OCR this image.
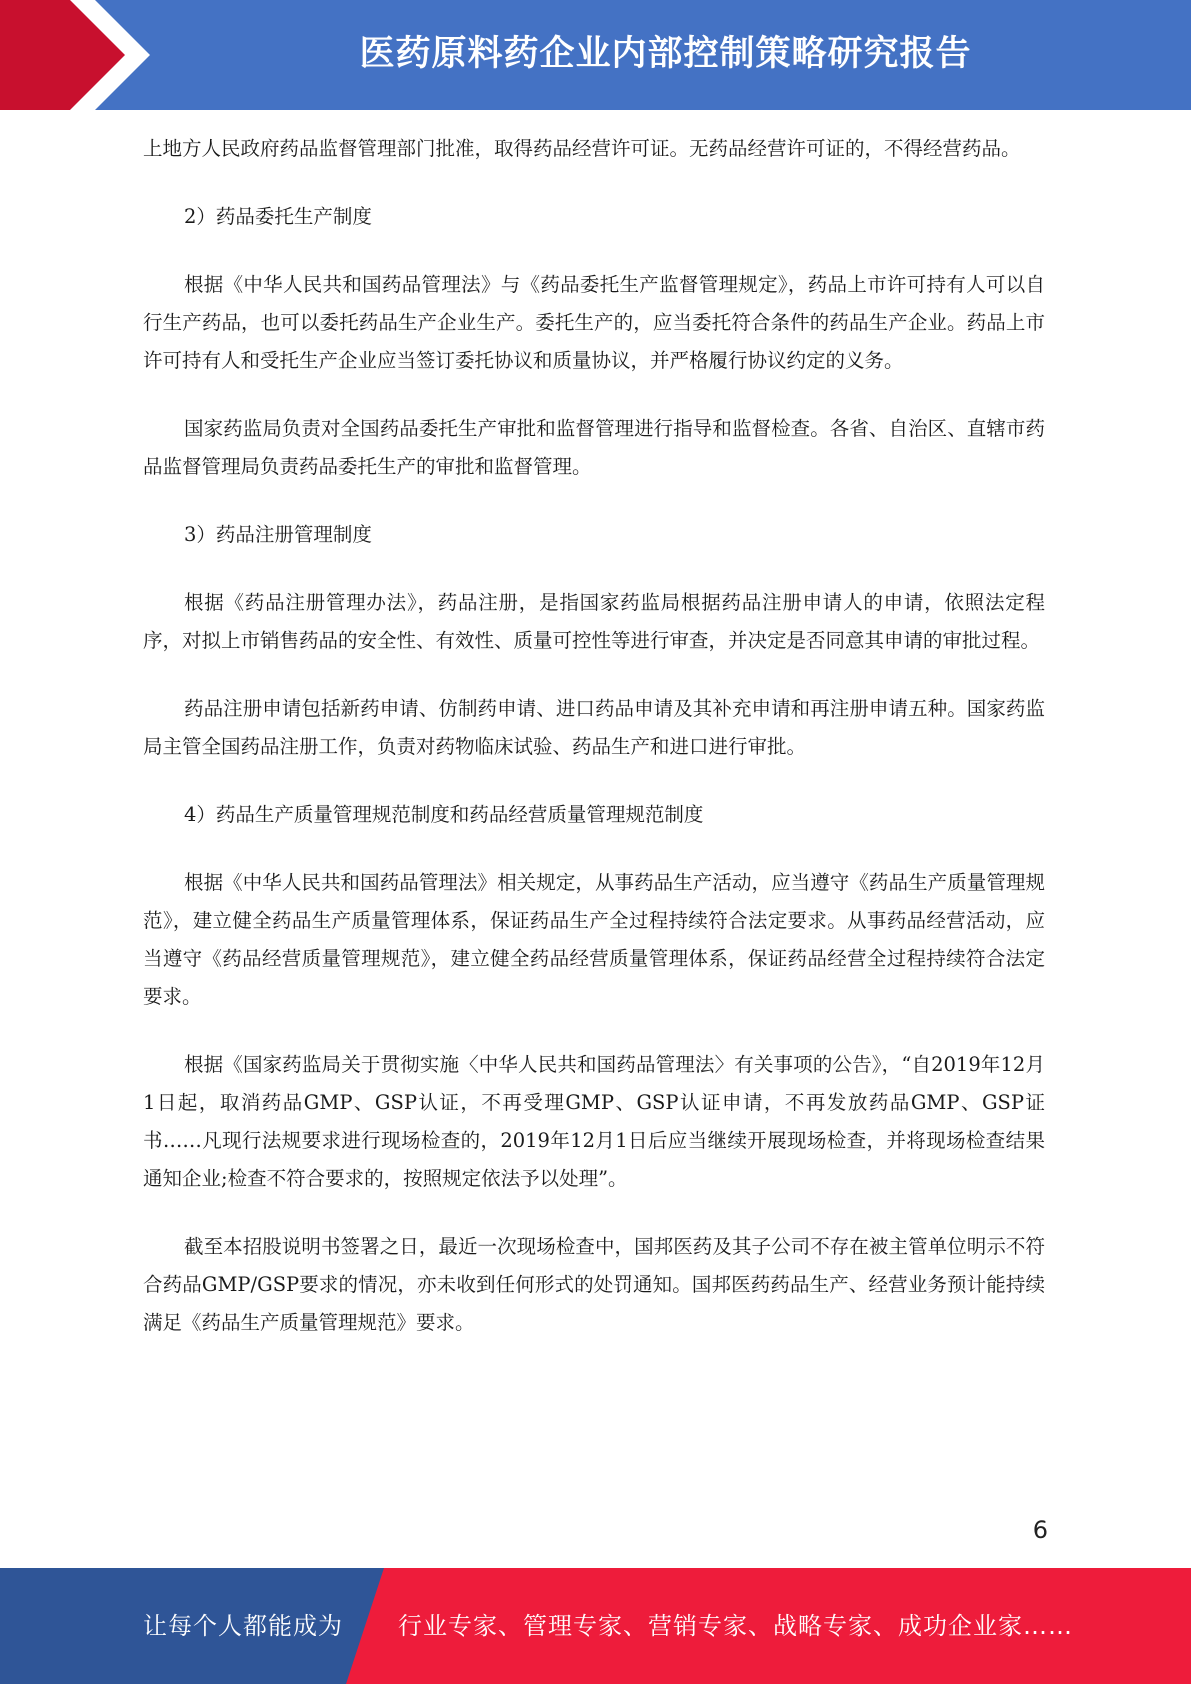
医药原料药企业内部控制策略研究报告

上地方人民政府药品监督管理部门批准，取得药品经营许可证。无药品经营许可证的，不得经营药品。

2）药品委托生产制度

根据《中华人民共和国药品管理法》与《药品委托生产监督管理规定》，药品上市许可持有人可以自行生产药品，也可以委托药品生产企业生产。委托生产的，应当委托符合条件的药品生产企业。药品上市许可持有人和受托生产企业应当签订委托协议和质量协议，并严格履行协议约定的义务。

国家药监局负责对全国药品委托生产审批和监督管理进行指导和监督检查。各省、自治区、直辖市药品监督管理局负责药品委托生产的审批和监督管理。

3）药品注册管理制度

根据《药品注册管理办法》，药品注册，是指国家药监局根据药品注册申请人的申请，依照法定程序，对拟上市销售药品的安全性、有效性、质量可控性等进行审查，并决定是否同意其申请的审批过程。

药品注册申请包括新药申请、仿制药申请、进口药品申请及其补充申请和再注册申请五种。国家药监局主管全国药品注册工作，负责对药物临床试验、药品生产和进口进行审批。

4）药品生产质量管理规范制度和药品经营质量管理规范制度

根据《中华人民共和国药品管理法》相关规定，从事药品生产活动，应当遵守《药品生产质量管理规范》，建立健全药品生产质量管理体系，保证药品生产全过程持续符合法定要求。从事药品经营活动，应当遵守《药品经营质量管理规范》，建立健全药品经营质量管理体系，保证药品经营全过程持续符合法定要求。

根据《国家药监局关于贯彻实施〈中华人民共和国药品管理法〉有关事项的公告》，“自2019年12月1日起，取消药品GMP、GSP认证，不再受理GMP、GSP认证申请，不再发放药品GMP、GSP证书……凡现行法规要求进行现场检查的，2019年12月1日后应当继续开展现场检查，并将现场检查结果通知企业;检查不符合要求的，按照规定依法予以处理”。

截至本招股说明书签署之日，最近一次现场检查中，国邦医药及其子公司不存在被主管单位明示不符合药品GMP/GSP要求的情况，亦未收到任何形式的处罚通知。国邦医药药品生产、经营业务预计能持续满足《药品生产质量管理规范》要求。

6
让每个人都能成为 行业专家、管理专家、营销专家、战略专家、成功企业家……
